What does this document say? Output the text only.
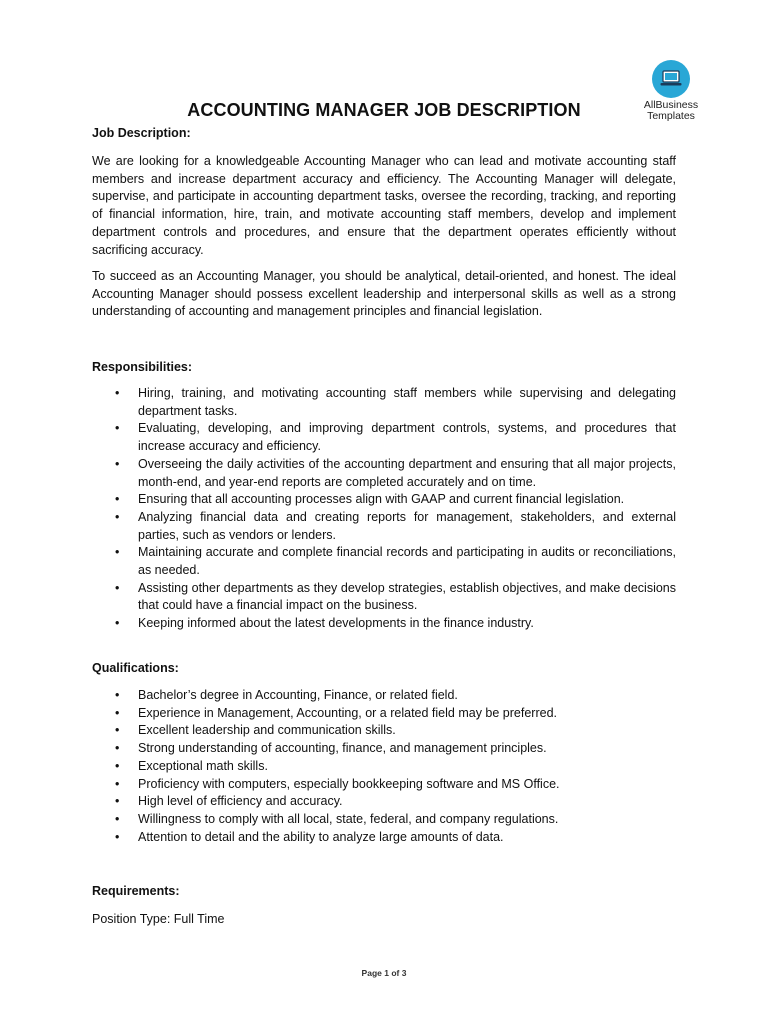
AllBusiness
Templates
ACCOUNTING MANAGER JOB DESCRIPTION
Job Description:
We are looking for a knowledgeable Accounting Manager who can lead and motivate accounting staff members and increase department accuracy and efficiency. The Accounting Manager will delegate, supervise, and participate in accounting department tasks, oversee the recording, tracking, and reporting of financial information, hire, train, and motivate accounting staff members, develop and implement department controls and procedures, and ensure that the department operates efficiently without sacrificing accuracy.
To succeed as an Accounting Manager, you should be analytical, detail-oriented, and honest. The ideal Accounting Manager should possess excellent leadership and interpersonal skills as well as a strong understanding of accounting and management principles and financial legislation.
Responsibilities:
• Hiring, training, and motivating accounting staff members while supervising and delegating department tasks.
• Evaluating, developing, and improving department controls, systems, and procedures that increase accuracy and efficiency.
• Overseeing the daily activities of the accounting department and ensuring that all major projects, month-end, and year-end reports are completed accurately and on time.
• Ensuring that all accounting processes align with GAAP and current financial legislation.
• Analyzing financial data and creating reports for management, stakeholders, and external parties, such as vendors or lenders.
• Maintaining accurate and complete financial records and participating in audits or reconciliations, as needed.
• Assisting other departments as they develop strategies, establish objectives, and make decisions that could have a financial impact on the business.
• Keeping informed about the latest developments in the finance industry.
Qualifications:
• Bachelor’s degree in Accounting, Finance, or related field.
• Experience in Management, Accounting, or a related field may be preferred.
• Excellent leadership and communication skills.
• Strong understanding of accounting, finance, and management principles.
• Exceptional math skills.
• Proficiency with computers, especially bookkeeping software and MS Office.
• High level of efficiency and accuracy.
• Willingness to comply with all local, state, federal, and company regulations.
• Attention to detail and the ability to analyze large amounts of data.
Requirements:
Position Type: Full Time
Page 1 of 3
